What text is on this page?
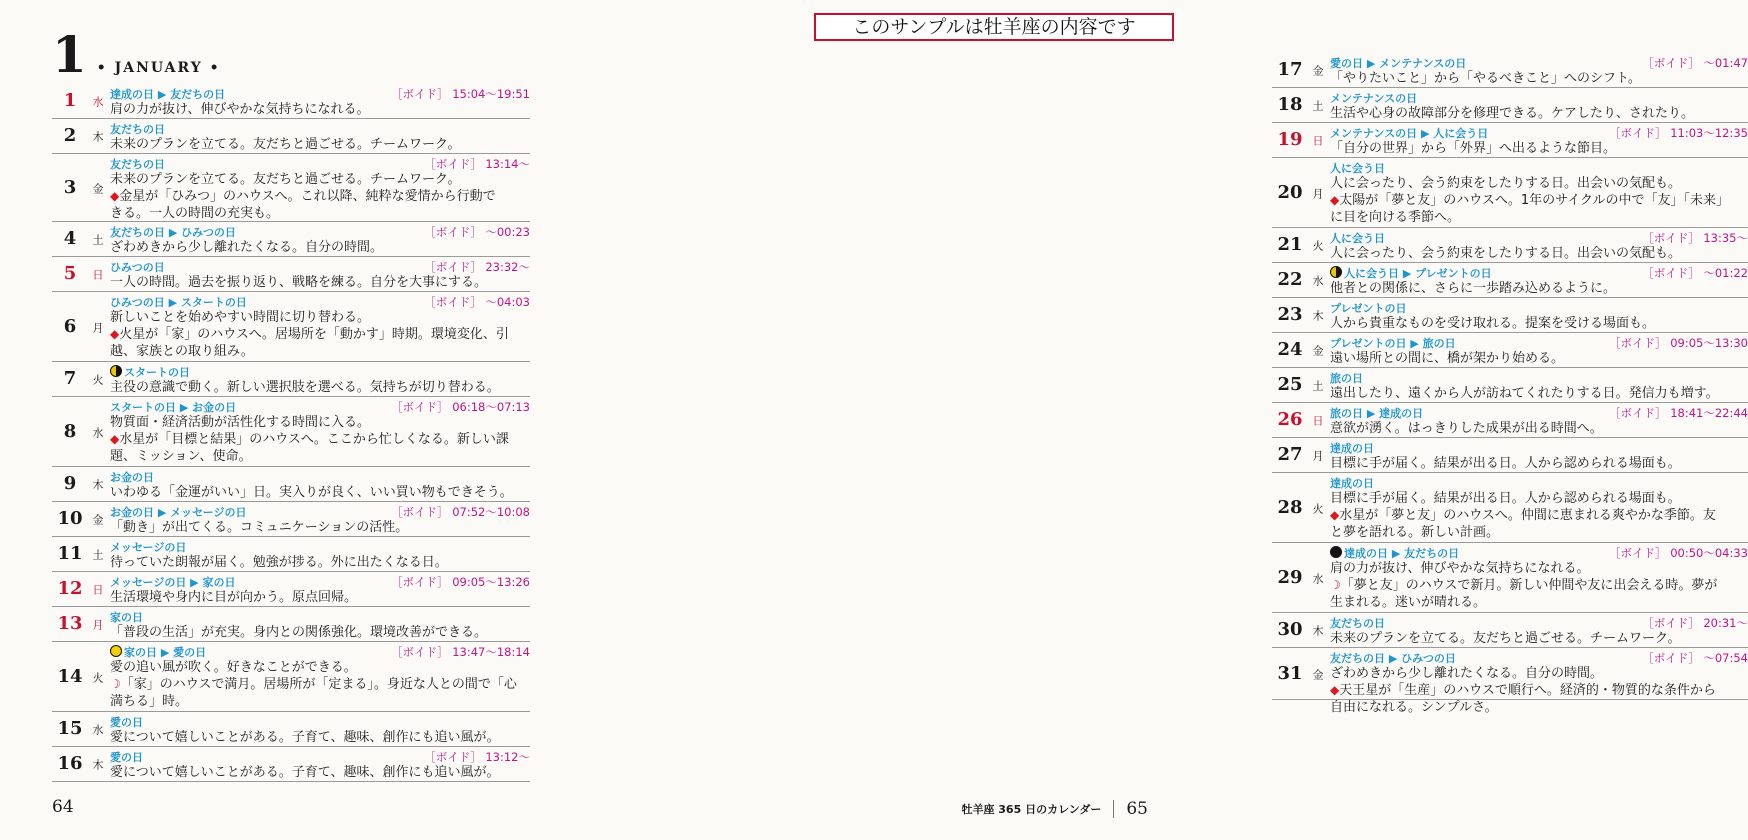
1 • JANUARY •
1	水
達成の日 ▶ 友だちの日	［ボイド］ 15:04〜19:51
肩の力が抜け、伸びやかな気持ちになれる。
2	木
友だちの日
未来のプランを立てる。友だちと過ごせる。チームワーク。
3	金
友だちの日	［ボイド］ 13:14〜
未来のプランを立てる。友だちと過ごせる。チームワーク。
◆金星が「ひみつ」のハウスへ。これ以降、純粋な愛情から行動で
きる。一人の時間の充実も。
4	土
友だちの日 ▶ ひみつの日	［ボイド］ 〜00:23
ざわめきから少し離れたくなる。自分の時間。
5	日
ひみつの日	［ボイド］ 23:32〜
一人の時間。過去を振り返り、戦略を練る。自分を大事にする。
6	月
ひみつの日 ▶ スタートの日	［ボイド］ 〜04:03
新しいことを始めやすい時間に切り替わる。
◆火星が「家」のハウスへ。居場所を「動かす」時期。環境変化、引
越、家族との取り組み。
7	火
スタートの日
主役の意識で動く。新しい選択肢を選べる。気持ちが切り替わる。
8	水
スタートの日 ▶ お金の日	［ボイド］ 06:18〜07:13
物質面・経済活動が活性化する時間に入る。
◆水星が「目標と結果」のハウスへ。ここから忙しくなる。新しい課
題、ミッション、使命。
9	木
お金の日
いわゆる「金運がいい」日。実入りが良く、いい買い物もできそう。
10 金
お金の日 ▶ メッセージの日	［ボイド］ 07:52〜10:08
「動き」が出てくる。コミュニケーションの活性。
11 土
メッセージの日
待っていた朗報が届く。勉強が捗る。外に出たくなる日。
12 日
メッセージの日 ▶ 家の日	［ボイド］ 09:05〜13:26
生活環境や身内に目が向かう。原点回帰。
13 月
家の日
「普段の生活」が充実。身内との関係強化。環境改善ができる。
14 火
家の日 ▶ 愛の日	［ボイド］ 13:47〜18:14
愛の追い風が吹く。好きなことができる。
☽「家」のハウスで満月。居場所が「定まる」。身近な人との間で「心
満ちる」時。
15 水
愛の日
愛について嬉しいことがある。子育て、趣味、創作にも追い風が。
16 木
愛の日	［ボイド］ 13:12〜
愛について嬉しいことがある。子育て、趣味、創作にも追い風が。
64
このサンプルは牡羊座の内容です
17 金
愛の日 ▶ メンテナンスの日	［ボイド］ 〜01:47
「やりたいこと」から「やるべきこと」へのシフト。
18 土
メンテナンスの日
生活や心身の故障部分を修理できる。ケアしたり、されたり。
19 日
メンテナンスの日 ▶ 人に会う日	［ボイド］ 11:03〜12:35
「自分の世界」から「外界」へ出るような節目。
20 月
人に会う日
人に会ったり、会う約束をしたりする日。出会いの気配も。
◆太陽が「夢と友」のハウスへ。1年のサイクルの中で「友」「未来」
に目を向ける季節へ。
21 火
人に会う日	［ボイド］ 13:35〜
人に会ったり、会う約束をしたりする日。出会いの気配も。
22 水
人に会う日 ▶ プレゼントの日	［ボイド］ 〜01:22
他者との関係に、さらに一歩踏み込めるように。
23 木
プレゼントの日
人から貴重なものを受け取れる。提案を受ける場面も。
24 金
プレゼントの日 ▶ 旅の日	［ボイド］ 09:05〜13:30
遠い場所との間に、橋が架かり始める。
25 土
旅の日
遠出したり、遠くから人が訪ねてくれたりする日。発信力も増す。
26 日
旅の日 ▶ 達成の日	［ボイド］ 18:41〜22:44
意欲が湧く。はっきりした成果が出る時間へ。
27 月
達成の日
目標に手が届く。結果が出る日。人から認められる場面も。
28 火
達成の日
目標に手が届く。結果が出る日。人から認められる場面も。
◆水星が「夢と友」のハウスへ。仲間に恵まれる爽やかな季節。友
と夢を語れる。新しい計画。
29 水
達成の日 ▶ 友だちの日	［ボイド］ 00:50〜04:33
肩の力が抜け、伸びやかな気持ちになれる。
☽「夢と友」のハウスで新月。新しい仲間や友に出会える時。夢が
生まれる。迷いが晴れる。
30 木
友だちの日	［ボイド］ 20:31〜
未来のプランを立てる。友だちと過ごせる。チームワーク。
31 金
友だちの日 ▶ ひみつの日	［ボイド］ 〜07:54
ざわめきから少し離れたくなる。自分の時間。
◆天王星が「生産」のハウスで順行へ。経済的・物質的な条件から
自由になれる。シンプルさ。
牡羊座 365 日のカレンダー 65
